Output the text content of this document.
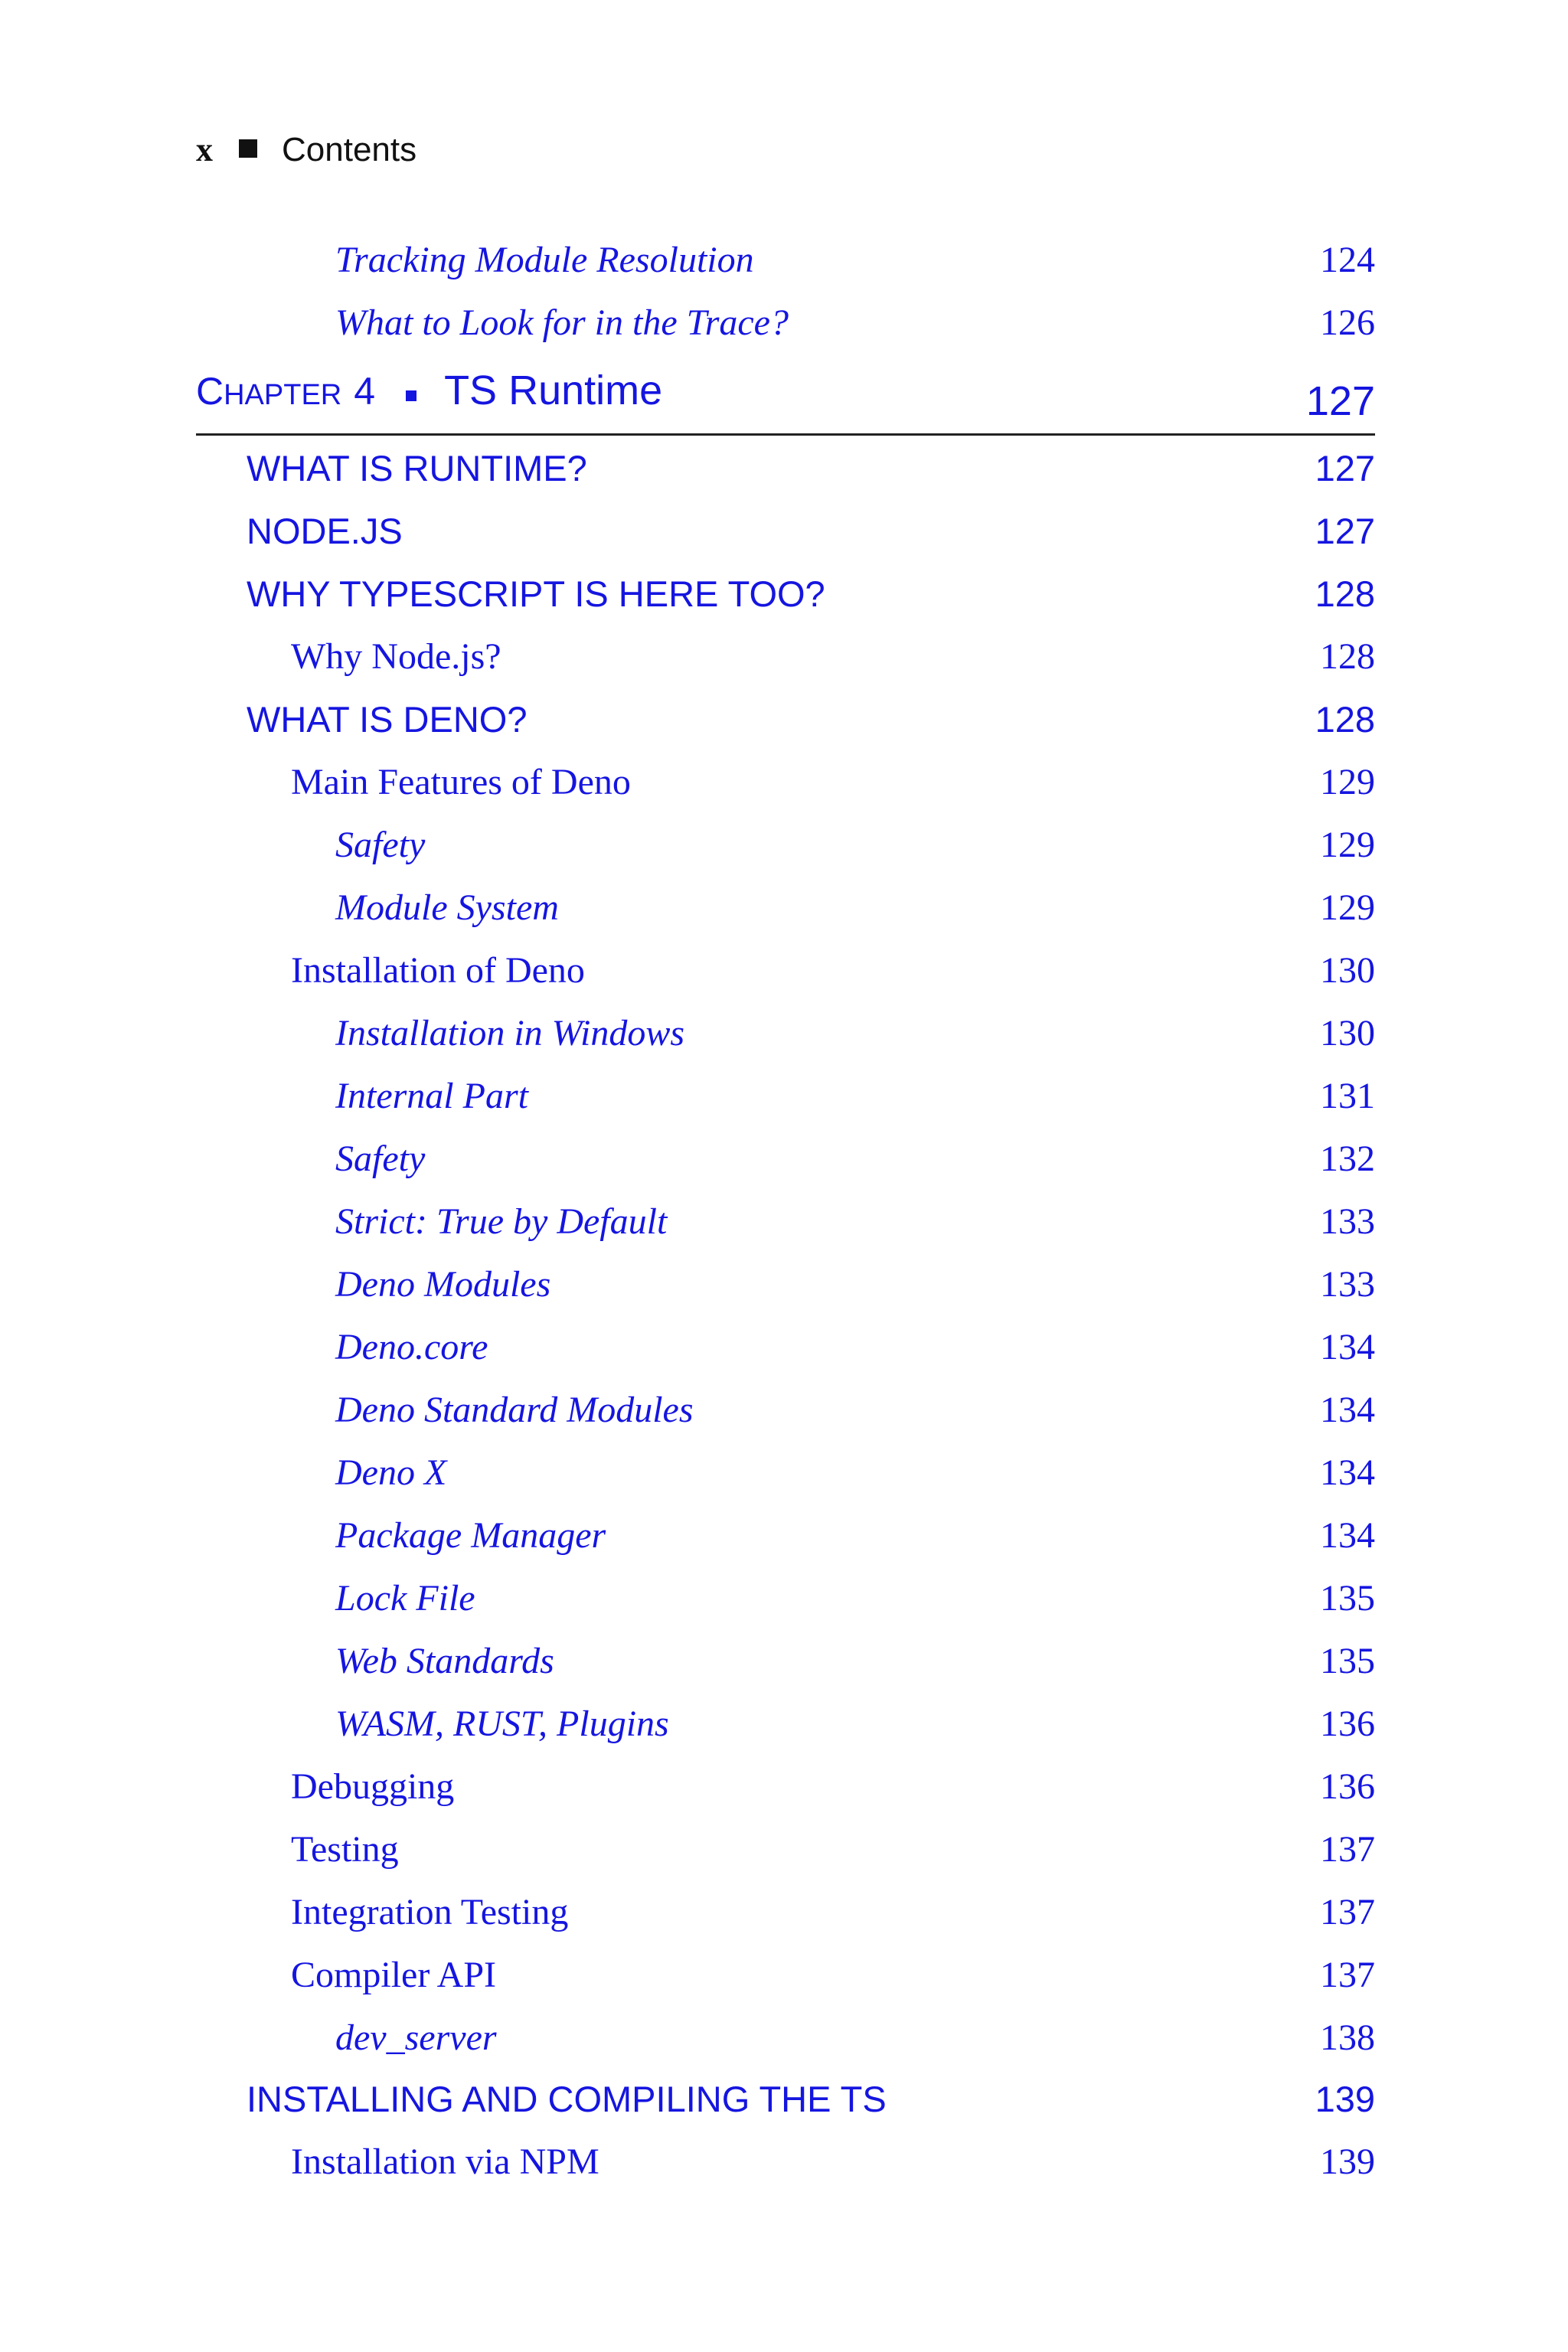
x Contents
Tracking Module Resolution	124
What to Look for in the Trace?	126
CHAPTER 4 TS Runtime	127
WHAT IS RUNTIME?	127
NODE.JS	127
WHY TYPESCRIPT IS HERE TOO?	128
Why Node.js?	128
WHAT IS DENO?	128
Main Features of Deno	129
Safety	129
Module System	129
Installation of Deno	130
Installation in Windows	130
Internal Part	131
Safety	132
Strict: True by Default	133
Deno Modules	133
Deno.core	134
Deno Standard Modules	134
Deno X	134
Package Manager	134
Lock File	135
Web Standards	135
WASM, RUST, Plugins	136
Debugging	136
Testing	137
Integration Testing	137
Compiler API	137
dev_server	138
INSTALLING AND COMPILING THE TS	139
Installation via NPM	139
